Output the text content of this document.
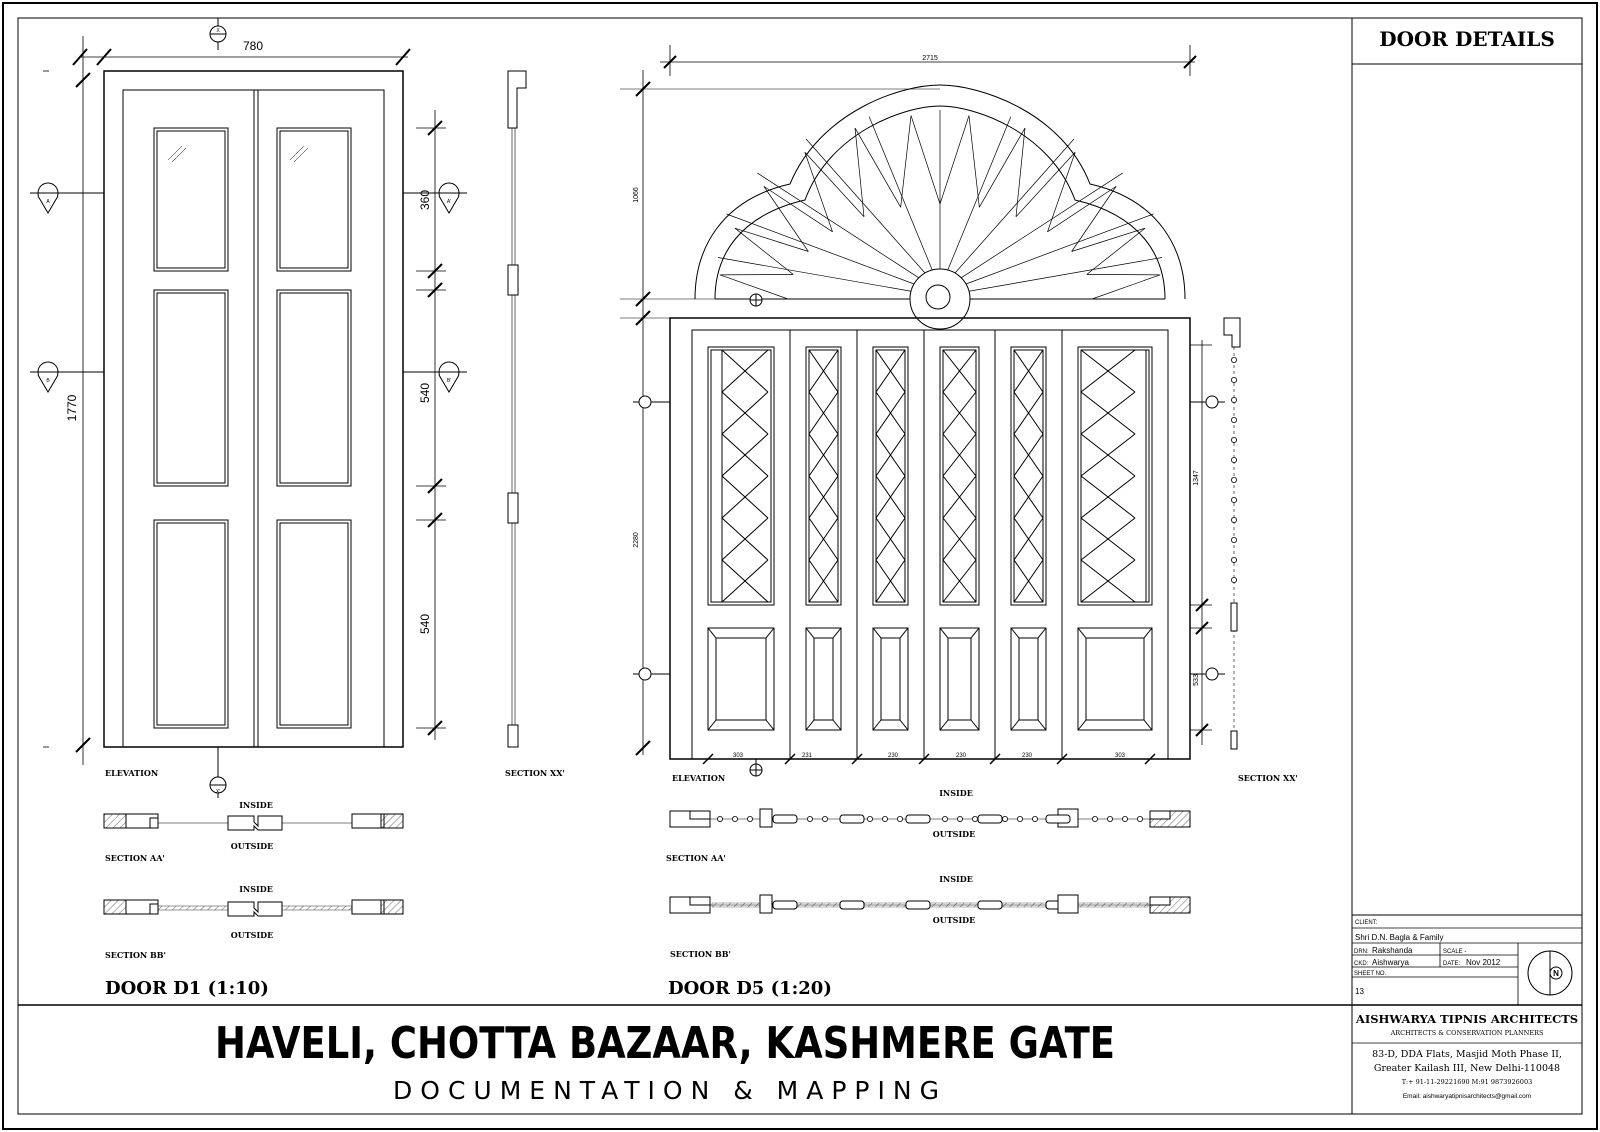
DOOR DETAILS
HAVELI, CHOTTA BAZAAR, KASHMERE GATE
DOCUMENTATION & MAPPING
CLIENT:
Shri D.N. Bagla & Family
DRN: Rakshanda	SCALE -
CKD: Aishwarya	DATE: Nov 2012
SHEET NO.
13
N
AISHWARYA TIPNIS ARCHITECTS
ARCHITECTS & CONSERVATION PLANNERS
83-D, DDA Flats, Masjid Moth Phase II,
Greater Kailash III, New Delhi-110048
T:+ 91-11-29221690 M:91 9873926003
Email: aishwaryatipnisarchitects@gmail.com
780
1770
360
540
540
X
X'
A	A'
B	B'
ELEVATION	SECTION XX'
INSIDE
OUTSIDE
SECTION AA'
INSIDE
OUTSIDE
SECTION BB'
DOOR D1 (1:10)
303	231	230	230	230	303
2715
1066
2280
1347
533
ELEVATION	SECTION XX'
INSIDE
OUTSIDE
SECTION AA'
INSIDE
OUTSIDE
SECTION BB'
DOOR D5 (1:20)
